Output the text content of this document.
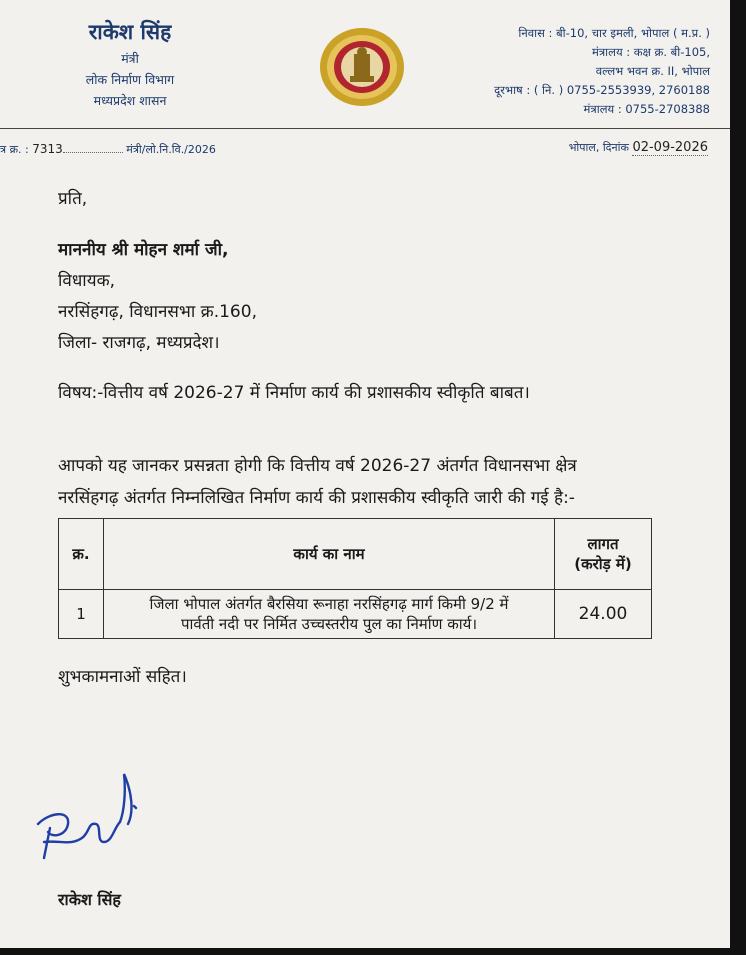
राकेश सिंह
मंत्री
लोक निर्माण विभाग
मध्यप्रदेश शासन
निवास : बी-10, चार इमली, भोपाल ( म.प्र. )
मंत्रालय : कक्ष क्र. बी-105,
वल्लभ भवन क्र. II, भोपाल
दूरभाष : ( नि. ) 0755-2553939, 2760188
मंत्रालय : 0755-2708388
त्र क्र. : 7313	मंत्री/लो.नि.वि./2026	भोपाल, दिनांक 02-09-2026
प्रति,
माननीय श्री मोहन शर्मा जी,
विधायक,
नरसिंहगढ़, विधानसभा क्र.160,
जिला- राजगढ़, मध्यप्रदेश।
विषय:-वित्तीय वर्ष 2026-27 में निर्माण कार्य की प्रशासकीय स्वीकृति बाबत।
आपको यह जानकर प्रसन्नता होगी कि वित्तीय वर्ष 2026-27 अंतर्गत विधानसभा क्षेत्र
नरसिंहगढ़ अंतर्गत निम्नलिखित निर्माण कार्य की प्रशासकीय स्वीकृति जारी की गई है:-
क्र.	कार्य का नाम	लागत
(करोड़ में)

1	जिला भोपाल अंतर्गत बैरसिया रूनाहा नरसिंहगढ़ मार्ग किमी 9/2 में
पार्वती नदी पर निर्मित उच्चस्तरीय पुल का निर्माण कार्य।	24.00
शुभकामनाओं सहित।
राकेश सिंह
